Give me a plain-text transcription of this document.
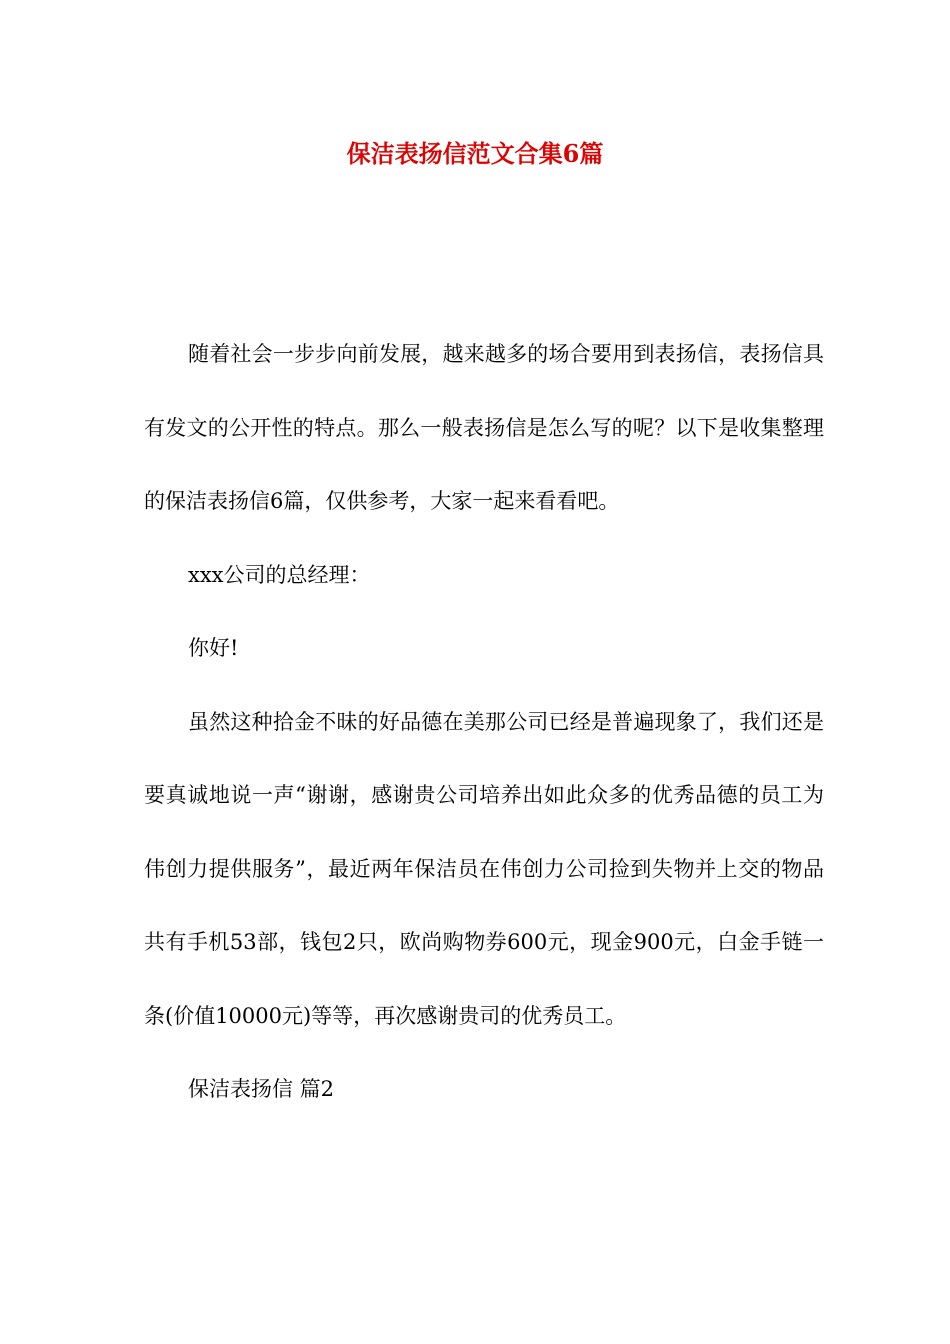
保洁表扬信范文合集6篇

随着社会一步步向前发展，越来越多的场合要用到表扬信，表扬信具有发文的公开性的特点。那么一般表扬信是怎么写的呢？以下是收集整理的保洁表扬信6篇，仅供参考，大家一起来看看吧。

xxx公司的总经理：

你好!

虽然这种拾金不昧的好品德在美那公司已经是普遍现象了，我们还是要真诚地说一声“谢谢，感谢贵公司培养出如此众多的优秀品德的员工为伟创力提供服务”，最近两年保洁员在伟创力公司捡到失物并上交的物品共有手机53部，钱包2只，欧尚购物券600元，现金900元，白金手链一条(价值10000元)等等，再次感谢贵司的优秀员工。

保洁表扬信 篇2
